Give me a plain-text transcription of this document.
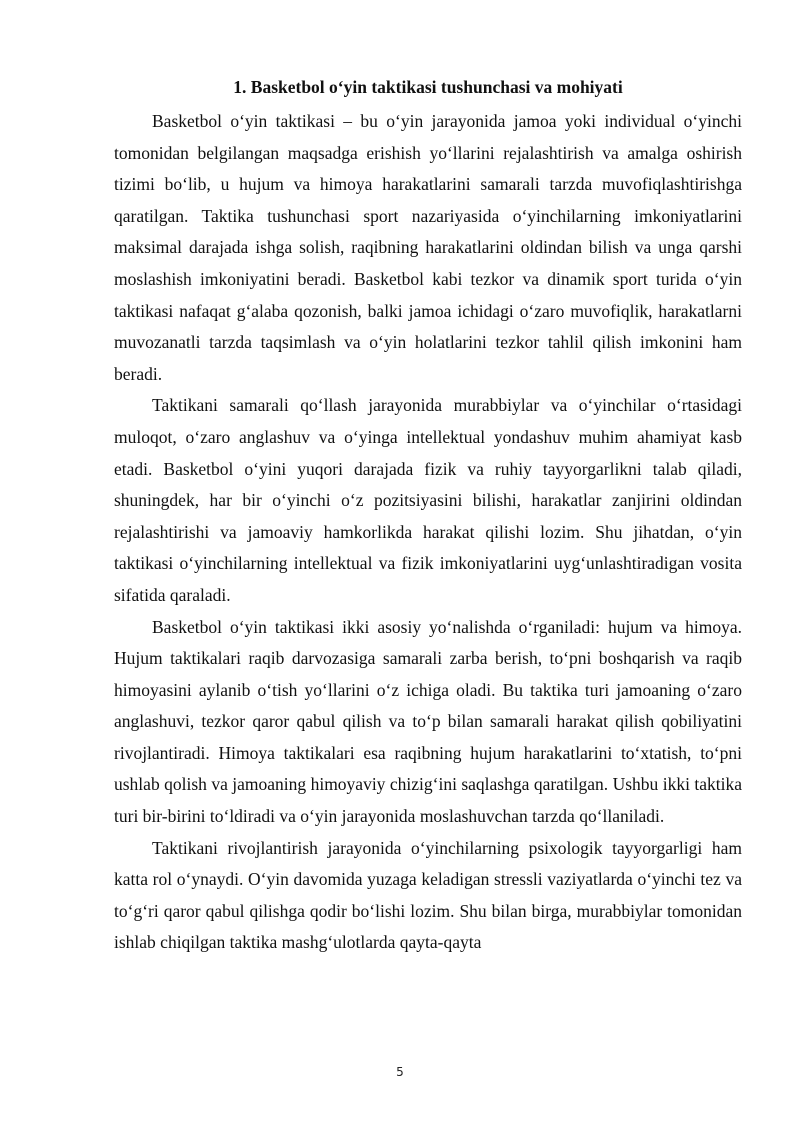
1. Basketbol o‘yin taktikasi tushunchasi va mohiyati

Basketbol o‘yin taktikasi – bu o‘yin jarayonida jamoa yoki individual o‘yinchi tomonidan belgilangan maqsadga erishish yo‘llarini rejalashtirish va amalga oshirish tizimi bo‘lib, u hujum va himoya harakatlarini samarali tarzda muvofiqlashtirishga qaratilgan. Taktika tushunchasi sport nazariyasida o‘yinchilarning imkoniyatlarini maksimal darajada ishga solish, raqibning harakatlarini oldindan bilish va unga qarshi moslashish imkoniyatini beradi. Basketbol kabi tezkor va dinamik sport turida o‘yin taktikasi nafaqat g‘alaba qozonish, balki jamoa ichidagi o‘zaro muvofiqlik, harakatlarni muvozanatli tarzda taqsimlash va o‘yin holatlarini tezkor tahlil qilish imkonini ham beradi.

Taktikani samarali qo‘llash jarayonida murabbiylar va o‘yinchilar o‘rtasidagi muloqot, o‘zaro anglashuv va o‘yinga intellektual yondashuv muhim ahamiyat kasb etadi. Basketbol o‘yini yuqori darajada fizik va ruhiy tayyorgarlikni talab qiladi, shuningdek, har bir o‘yinchi o‘z pozitsiyasini bilishi, harakatlar zanjirini oldindan rejalashtirishi va jamoaviy hamkorlikda harakat qilishi lozim. Shu jihatdan, o‘yin taktikasi o‘yinchilarning intellektual va fizik imkoniyatlarini uyg‘unlashtiradigan vosita sifatida qaraladi.

Basketbol o‘yin taktikasi ikki asosiy yo‘nalishda o‘rganiladi: hujum va himoya. Hujum taktikalari raqib darvozasiga samarali zarba berish, to‘pni boshqarish va raqib himoyasini aylanib o‘tish yo‘llarini o‘z ichiga oladi. Bu taktika turi jamoaning o‘zaro anglashuvi, tezkor qaror qabul qilish va to‘p bilan samarali harakat qilish qobiliyatini rivojlantiradi. Himoya taktikalari esa raqibning hujum harakatlarini to‘xtatish, to‘pni ushlab qolish va jamoaning himoyaviy chizig‘ini saqlashga qaratilgan. Ushbu ikki taktika turi bir-birini to‘ldiradi va o‘yin jarayonida moslashuvchan tarzda qo‘llaniladi.

Taktikani rivojlantirish jarayonida o‘yinchilarning psixologik tayyorgarligi ham katta rol o‘ynaydi. O‘yin davomida yuzaga keladigan stressli vaziyatlarda o‘yinchi tez va to‘g‘ri qaror qabul qilishga qodir bo‘lishi lozim. Shu bilan birga, murabbiylar tomonidan ishlab chiqilgan taktika mashg‘ulotlarda qayta-qayta

5
